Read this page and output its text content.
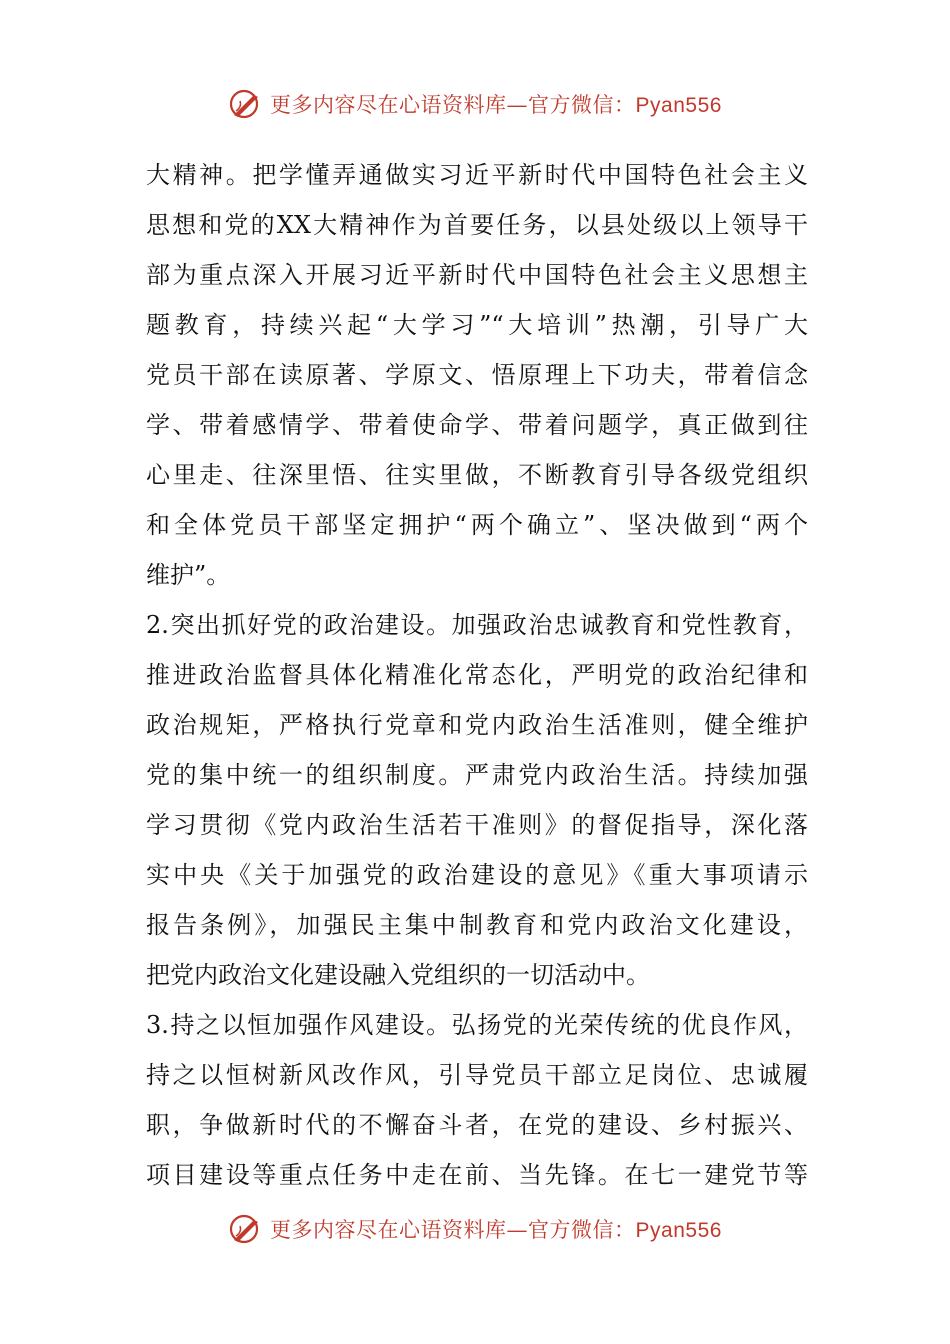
更多内容尽在心语资料库—官方微信：Pyan556
大精神。把学懂弄通做实习近平新时代中国特色社会主义
思想和党的XX大精神作为首要任务，以县处级以上领导干
部为重点深入开展习近平新时代中国特色社会主义思想主
题教育，持续兴起“大学习”“大培训”热潮，引导广大
党员干部在读原著、学原文、悟原理上下功夫，带着信念
学、带着感情学、带着使命学、带着问题学，真正做到往
心里走、往深里悟、往实里做，不断教育引导各级党组织
和全体党员干部坚定拥护“两个确立”、坚决做到“两个
维护”。
2.突出抓好党的政治建设。加强政治忠诚教育和党性教育，
推进政治监督具体化精准化常态化，严明党的政治纪律和
政治规矩，严格执行党章和党内政治生活准则，健全维护
党的集中统一的组织制度。严肃党内政治生活。持续加强
学习贯彻《党内政治生活若干准则》的督促指导，深化落
实中央《关于加强党的政治建设的意见》《重大事项请示
报告条例》，加强民主集中制教育和党内政治文化建设，
把党内政治文化建设融入党组织的一切活动中。
3.持之以恒加强作风建设。弘扬党的光荣传统的优良作风，
持之以恒树新风改作风，引导党员干部立足岗位、忠诚履
职，争做新时代的不懈奋斗者，在党的建设、乡村振兴、
项目建设等重点任务中走在前、当先锋。在七一建党节等
更多内容尽在心语资料库—官方微信：Pyan556
